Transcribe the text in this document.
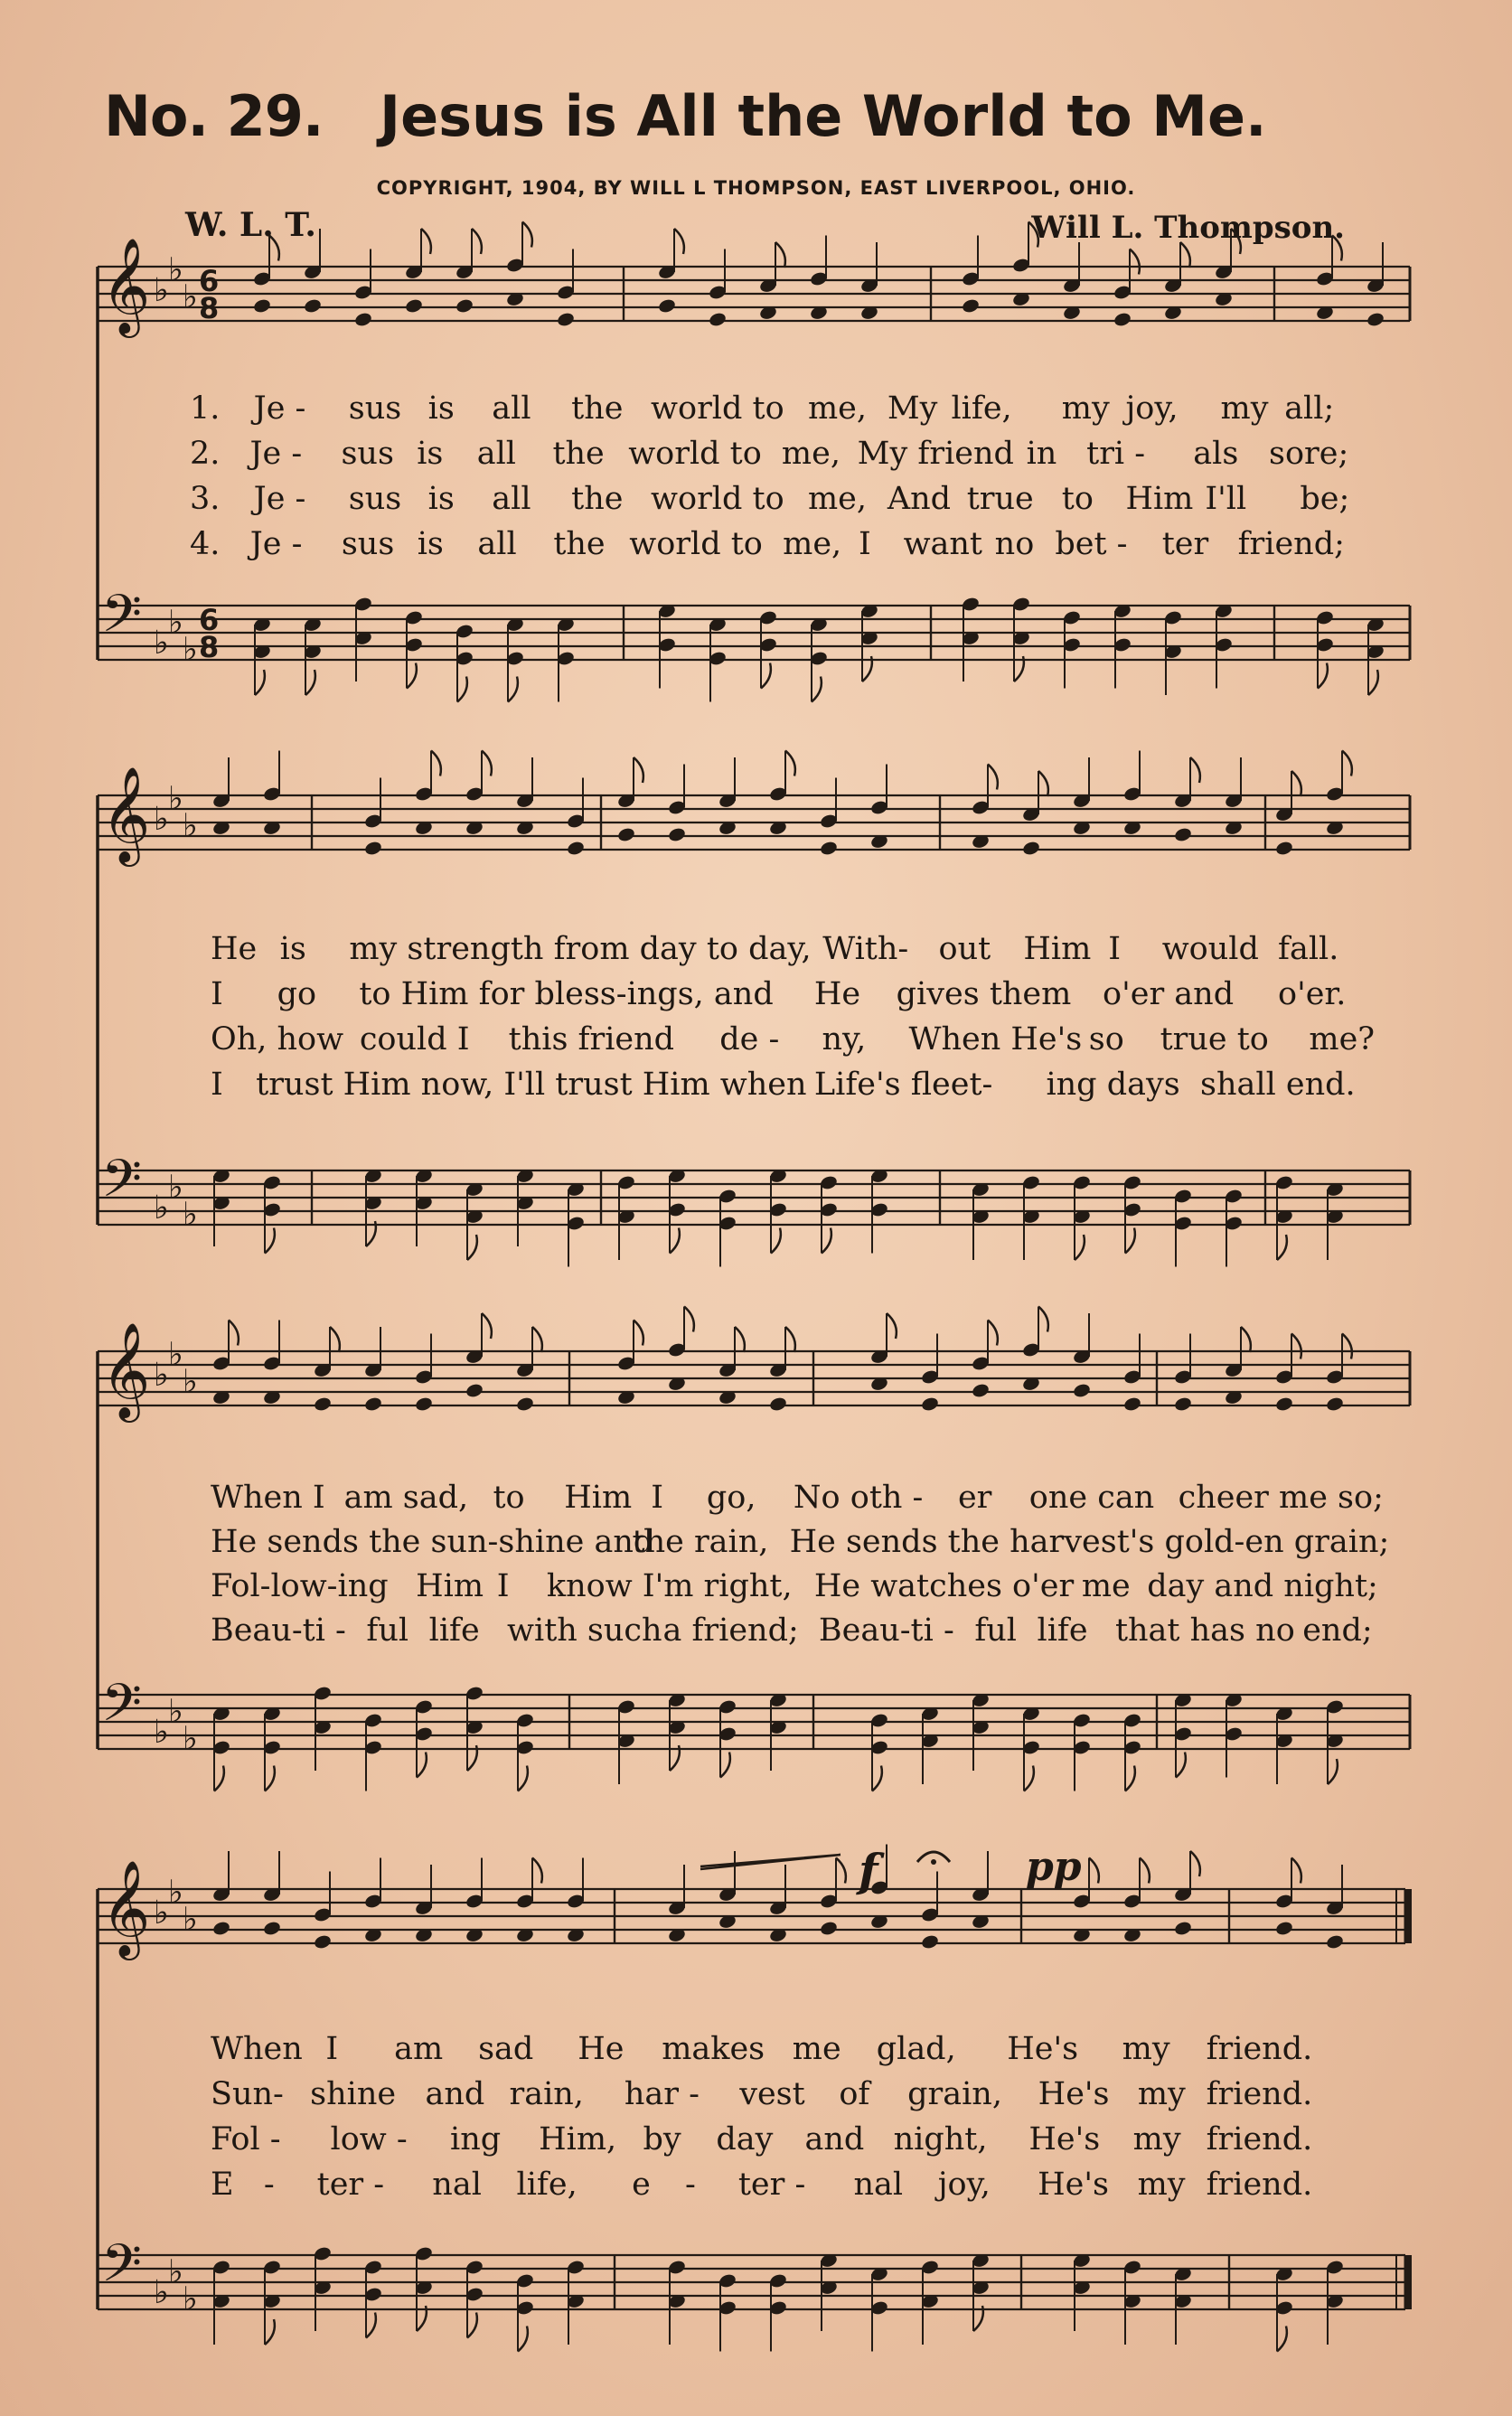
No. 29. Jesus is All the World to Me.
COPYRIGHT, 1904, BY WILL L THOMPSON, EAST LIVERPOOL, OHIO.
W. L. T.	Will L. Thompson.
𝄞 ♭
♭
♭ 6
8
𝄢 ♭
♭
♭
6
8
𝄞 ♭
♭
♭
𝄢 ♭
♭
♭
𝄞 ♭
♭
♭
𝄢 ♭
♭
♭
𝄞 ♭
♭
♭
𝄢 ♭
♭
♭
f	pp
1. Je - sus is all the world to me, My life, my joy, my all;
2. Je - sus is all the world to me, My friend in tri - als sore;
3. Je - sus is all the world to me, And true to Him I'll be;
4. Je - sus is all the world to me, I want no bet - ter friend;
He is my strength from day to day, With- out Him I would fall.
I go to Him for bless-ings, and He gives them o'er and o'er.
Oh, how could I this friend de - ny, When He's so true to me?
I trust Him now, I'll trust Him when Life's fleet- ing days shall end.
When I am sad, to Him I go, No oth - er one can cheer me so;
He sends the sun-shine and
the rain, He sends the harvest's gold-en grain;
Fol-low-ing Him I know I'm right, He watches o'er me day and night;
Beau-ti - ful life with such a friend; Beau-ti - ful life that has no end;
When I am sad He makes me glad, He's my friend.
Sun- shine and rain, har - vest of grain, He's my friend.
Fol - low - ing Him, by day and night, He's my friend.
E - ter - nal life, e - ter - nal joy, He's my friend.
